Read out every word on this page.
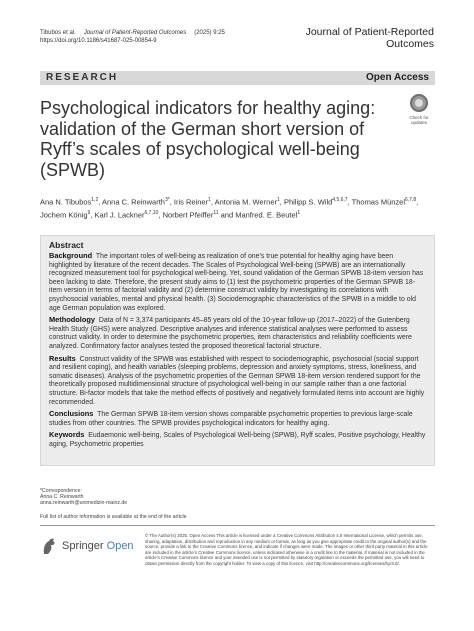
Tibubos et al. Journal of Patient-Reported Outcomes (2025) 9:25
https://doi.org/10.1186/s41687-025-00854-9
Journal of Patient-Reported
Outcomes
RESEARCH	Open Access
Psychological indicators for healthy aging: validation of the German short version of Ryff’s scales of psychological well-being (SPWB)
Check for
updates
Ana N. Tibubos$^{1,2}$, Anna C. Reinwarth$^{3*}$, Iris Reiner$^1$, Antonia M. Werner$^1$, Philipp S. Wild$^{4,5,6,7}$, Thomas Münzel$^{6,7,8}$, Jochem König$^9$, Karl J. Lackner$^{6,7,10}$, Norbert Pfeiffer$^{11}$ and Manfred. E. Beutel$^1$
Abstract

Background The important roles of well-being as realization of one’s true potential for healthy aging have been highlighted by literature of the recent decades. The Scales of Psychological Well-being (SPWB) are an internationally recognized measurement tool for psychological well-being. Yet, sound validation of the German SPWB 18-item version has been lacking to date. Therefore, the present study aims to (1) test the psychometric properties of the German SPWB 18-item version in terms of factorial validity and (2) determine construct validity by investigating its correlations with psychosocial variables, mental and physical health. (3) Sociodemographic characteristics of the SPWB in a middle to old age German population was explored.

Methodology Data of N = 3,374 participants 45–85 years old of the 10-year follow-up (2017–2022) of the Gutenberg Health Study (GHS) were analyzed. Descriptive analyses and inference statistical analyses were performed to assess construct validity. In order to determine the psychometric properties, item characteristics and reliability coefficients were analyzed. Confirmatory factor analyses tested the proposed theoretical factorial structure.

Results Construct validity of the SPWB was established with respect to sociodemographic, psychosocial (social support and resilient coping), and health variables (sleeping problems, depression and anxiety symptoms, stress, loneliness, and somatic diseases). Analysis of the psychometric properties of the German SPWB 18-item version rendered support for the theoretically proposed multidimensional structure of psychological well-being in our sample rather than a one factorial structure. Bi-factor models that take the method effects of positively and negatively formulated items into account are highly recommended.

Conclusions The German SPWB 18-item version shows comparable psychometric properties to previous large-scale studies from other countries. The SPWB provides psychological indicators for healthy aging.

Keywords Eudaemonic well-being, Scales of Psychological Well-being (SPWB), Ryff scales, Positive psychology, Healthy aging, Psychometric properties

*Correspondence:
Anna C. Reinwarth
anna.reinwarth@unimedizin-mainz.de
Full list of author information is available at the end of the article
Springer Open
© The Author(s) 2025. Open Access This article is licensed under a Creative Commons Attribution 4.0 International License, which permits use, sharing, adaptation, distribution and reproduction in any medium or format, as long as you give appropriate credit to the original author(s) and the source, provide a link to the Creative Commons licence, and indicate if changes were made. The images or other third party material in this article are included in the article’s Creative Commons licence, unless indicated otherwise in a credit line to the material. If material is not included in the article’s Creative Commons licence and your intended use is not permitted by statutory regulation or exceeds the permitted use, you will need to obtain permission directly from the copyright holder. To view a copy of this licence, visit http://creativecommons.org/licenses/by/4.0/.
